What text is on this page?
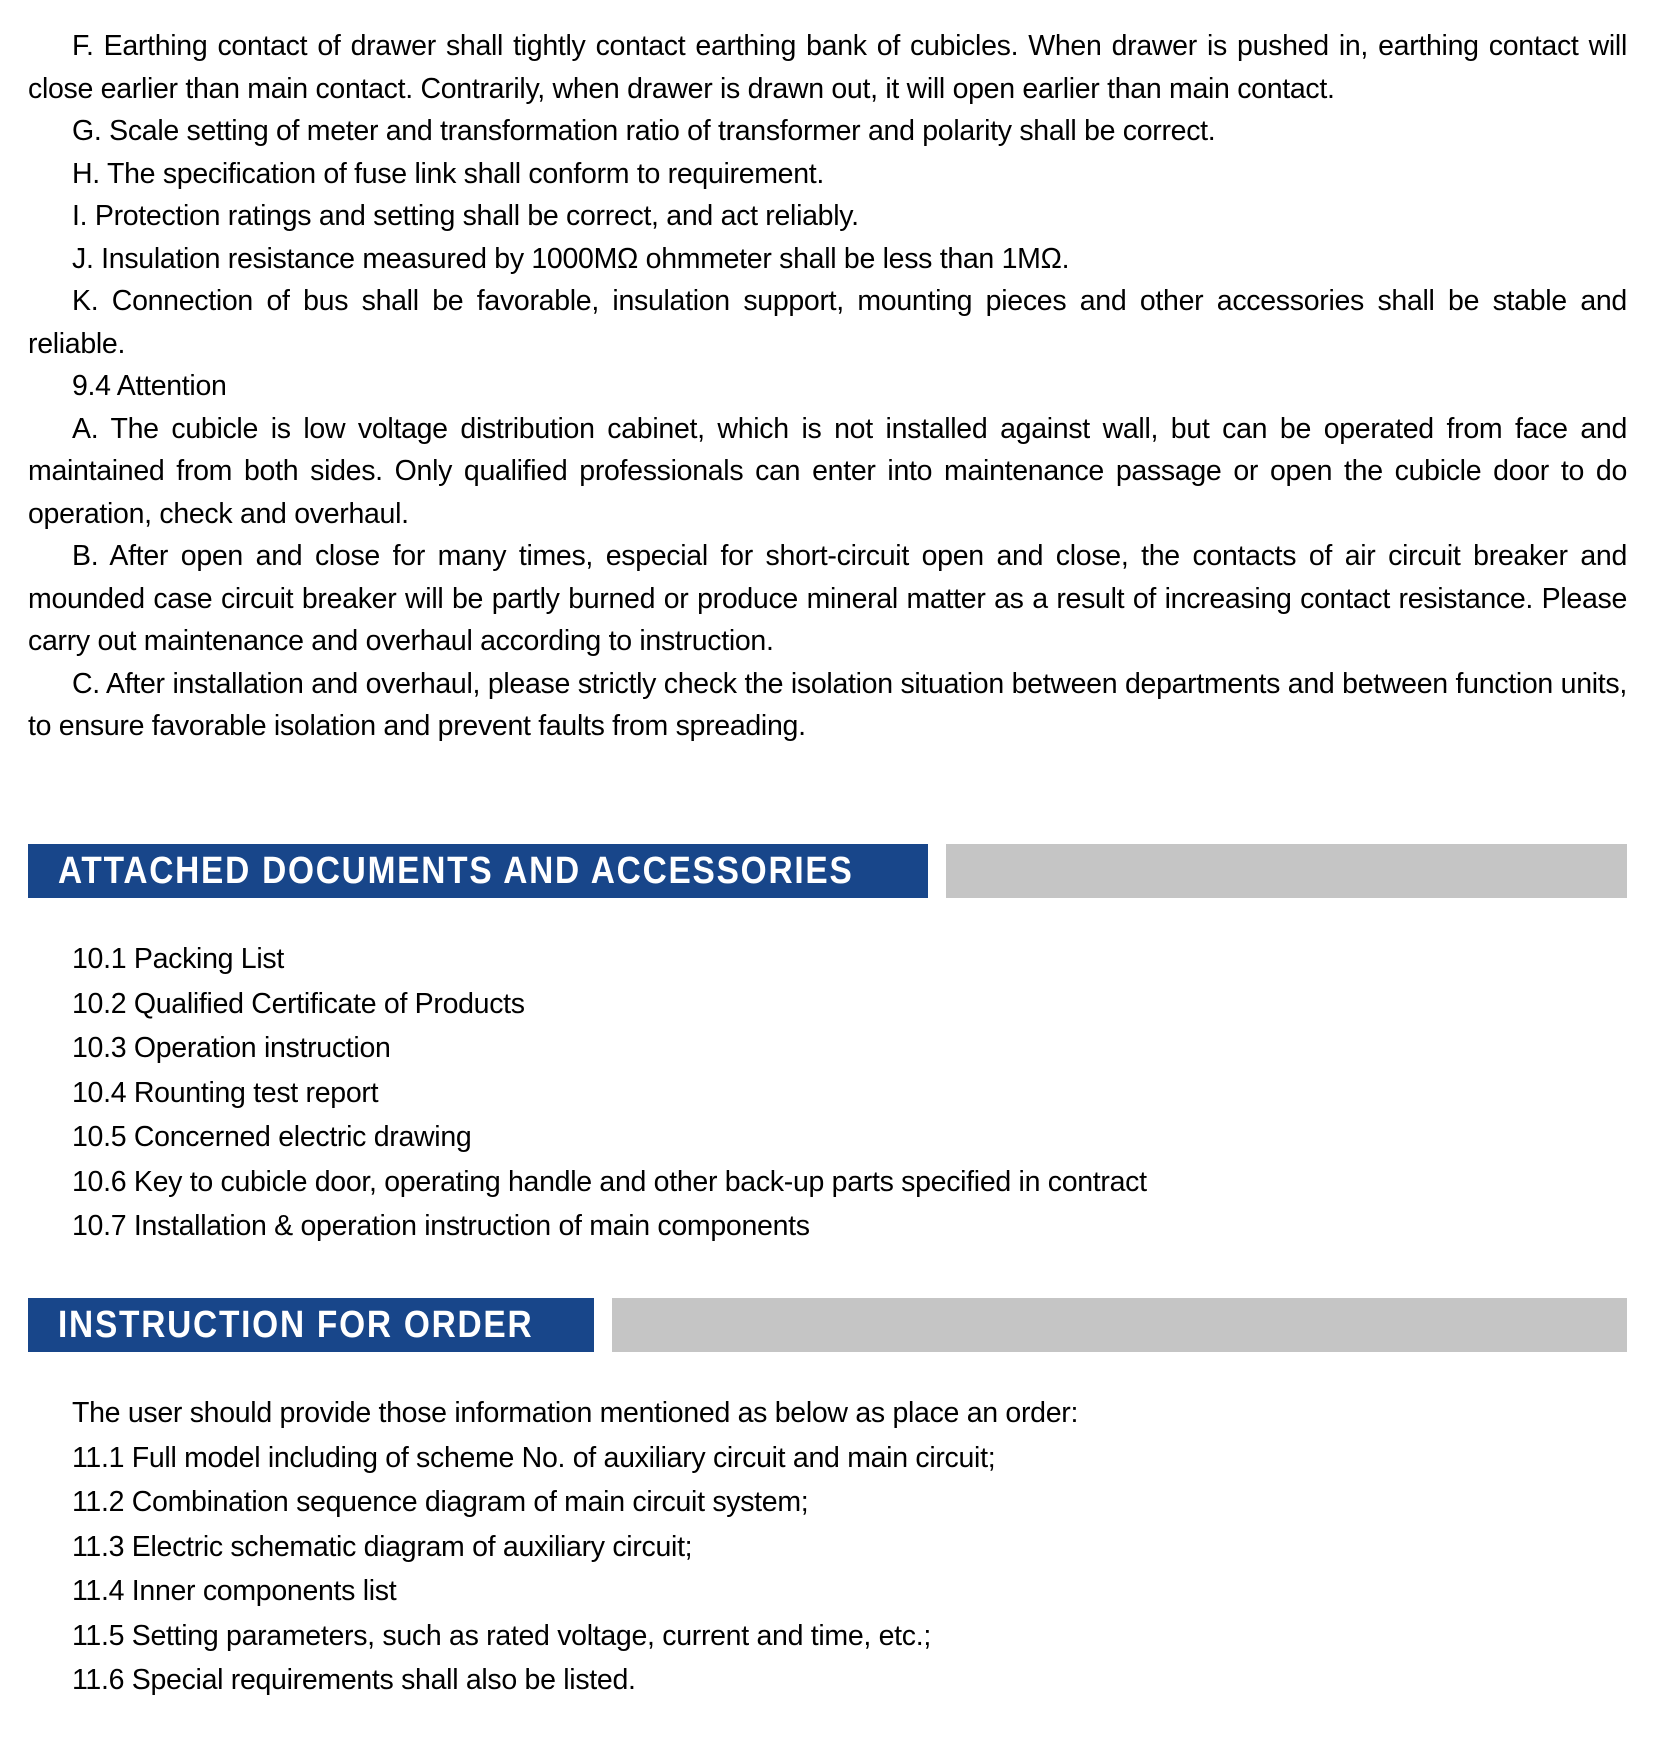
F. Earthing contact of drawer shall tightly contact earthing bank of cubicles. When drawer is pushed in, earthing contact will close earlier than main contact. Contrarily, when drawer is drawn out, it will open earlier than main contact.

G. Scale setting of meter and transformation ratio of transformer and polarity shall be correct.

H. The specification of fuse link shall conform to requirement.

I. Protection ratings and setting shall be correct, and act reliably.

J. Insulation resistance measured by 1000MΩ ohmmeter shall be less than 1MΩ.

K. Connection of bus shall be favorable, insulation support, mounting pieces and other accessories shall be stable and reliable.

9.4 Attention

A. The cubicle is low voltage distribution cabinet, which is not installed against wall, but can be operated from face and maintained from both sides. Only qualified professionals can enter into maintenance passage or open the cubicle door to do operation, check and overhaul.

B. After open and close for many times, especial for short-circuit open and close, the contacts of air circuit breaker and mounded case circuit breaker will be partly burned or produce mineral matter as a result of increasing contact resistance. Please carry out maintenance and overhaul according to instruction.

C. After installation and overhaul, please strictly check the isolation situation between departments and between function units, to ensure favorable isolation and prevent faults from spreading.

ATTACHED DOCUMENTS AND ACCESSORIES
10.1 Packing List
10.2 Qualified Certificate of Products
10.3 Operation instruction
10.4 Rounting test report
10.5 Concerned electric drawing
10.6 Key to cubicle door, operating handle and other back-up parts specified in contract
10.7 Installation & operation instruction of main components
INSTRUCTION FOR ORDER

The user should provide those information mentioned as below as place an order:

11.1 Full model including of scheme No. of auxiliary circuit and main circuit;
11.2 Combination sequence diagram of main circuit system;
11.3 Electric schematic diagram of auxiliary circuit;
11.4 Inner components list
11.5 Setting parameters, such as rated voltage, current and time, etc.;
11.6 Special requirements shall also be listed.
